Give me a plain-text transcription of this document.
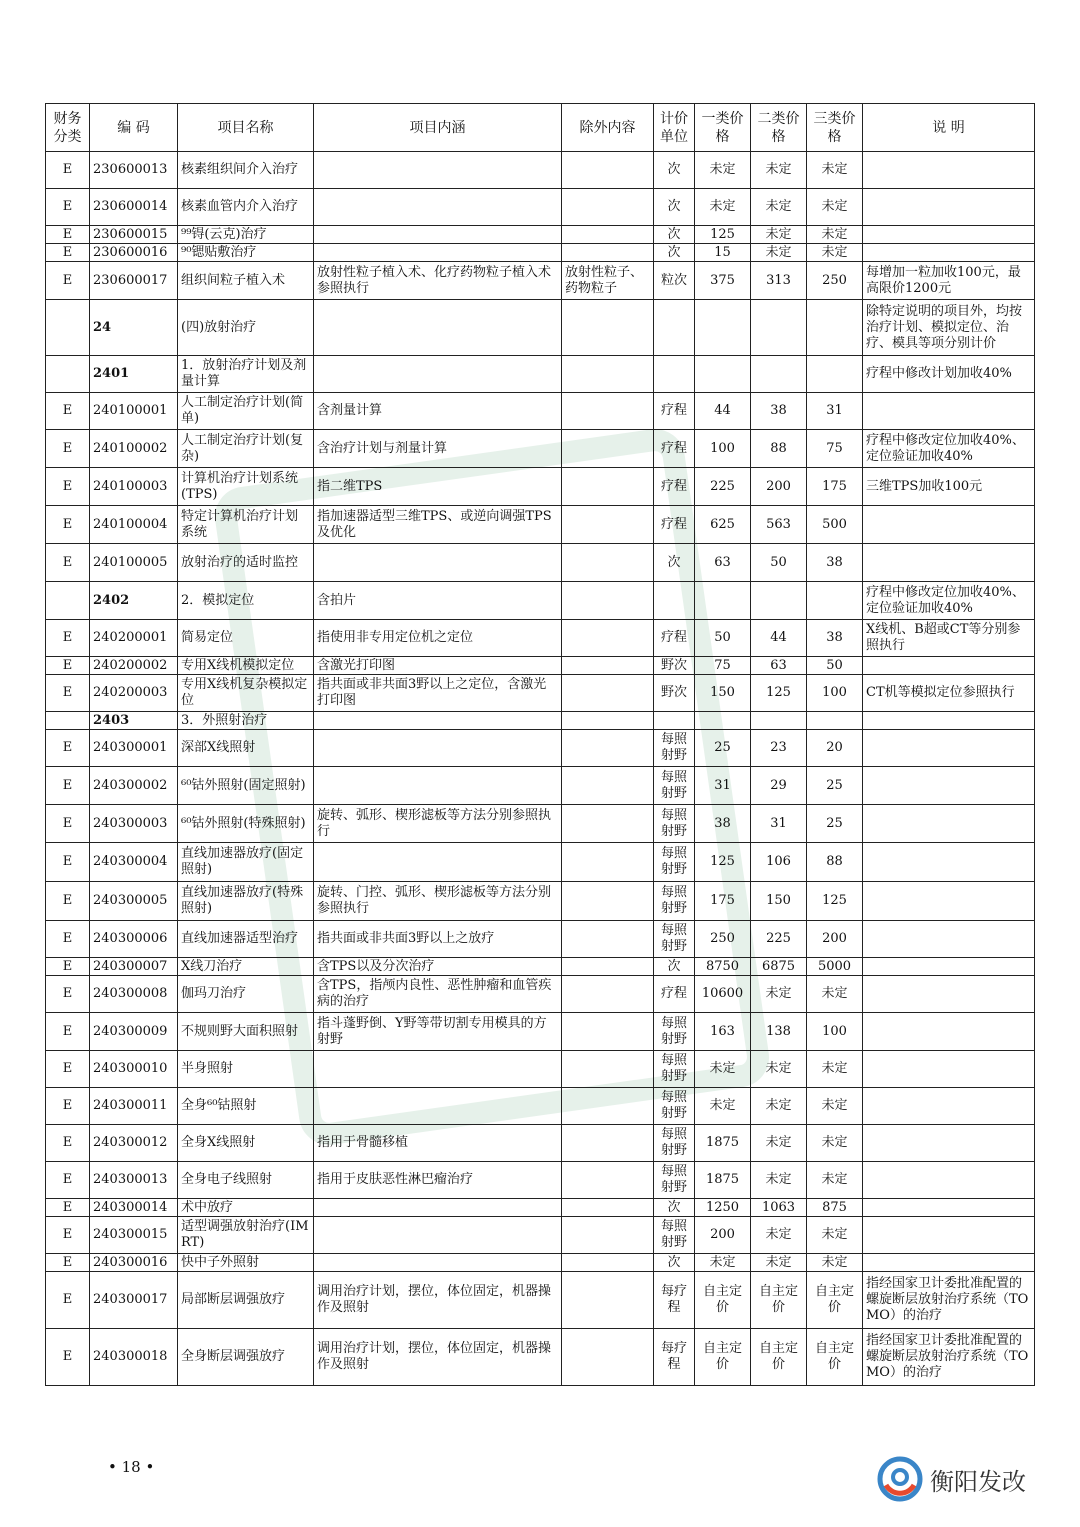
财务分类	编 码	项目名称	项目内涵	除外内容	计价单位	一类价格	二类价格	三类价格	说 明
E	230600013	核素组织间介入治疗			次	未定	未定	未定	
E	230600014	核素血管内介入治疗			次	未定	未定	未定	
E	230600015	⁹⁹锝(云克)治疗			次	125	未定	未定	
E	230600016	⁹⁰锶贴敷治疗			次	15	未定	未定	
E	230600017	组织间粒子植入术	放射性粒子植入术、化疗药物粒子植入术参照执行	放射性粒子、药物粒子	粒次	375	313	250	每增加一粒加收100元，最高限价1200元
	24	(四)放射治疗							除特定说明的项目外，均按治疗计划、模拟定位、治疗、模具等项分别计价
	2401	1．放射治疗计划及剂量计算							疗程中修改计划加收40%
E	240100001	人工制定治疗计划(简单)	含剂量计算		疗程	44	38	31	
E	240100002	人工制定治疗计划(复杂)	含治疗计划与剂量计算		疗程	100	88	75	疗程中修改定位加收40%、定位验证加收40%
E	240100003	计算机治疗计划系统(TPS)	指二维TPS		疗程	225	200	175	三维TPS加收100元
E	240100004	特定计算机治疗计划系统	指加速器适型三维TPS、或逆向调强TPS及优化		疗程	625	563	500	
E	240100005	放射治疗的适时监控			次	63	50	38	
	2402	2．模拟定位	含拍片						疗程中修改定位加收40%、定位验证加收40%
E	240200001	简易定位	指使用非专用定位机之定位		疗程	50	44	38	X线机、B超或CT等分别参照执行
E	240200002	专用X线机模拟定位	含激光打印图		野次	75	63	50	
E	240200003	专用X线机复杂模拟定位	指共面或非共面3野以上之定位，含激光打印图		野次	150	125	100	CT机等模拟定位参照执行
	2403	3．外照射治疗							
E	240300001	深部X线照射			每照射野	25	23	20	
E	240300002	⁶⁰钴外照射(固定照射)			每照射野	31	29	25	
E	240300003	⁶⁰钴外照射(特殊照射)	旋转、弧形、楔形滤板等方法分别参照执行		每照射野	38	31	25	
E	240300004	直线加速器放疗(固定照射)			每照射野	125	106	88	
E	240300005	直线加速器放疗(特殊照射)	旋转、门控、弧形、楔形滤板等方法分别参照执行		每照射野	175	150	125	
E	240300006	直线加速器适型治疗	指共面或非共面3野以上之放疗		每照射野	250	225	200	
E	240300007	X线刀治疗	含TPS以及分次治疗		次	8750	6875	5000	
E	240300008	伽玛刀治疗	含TPS，指颅内良性、恶性肿瘤和血管疾病的治疗		疗程	10600	未定	未定	
E	240300009	不规则野大面积照射	指斗蓬野倒、Y野等带切割专用模具的方射野		每照射野	163	138	100	
E	240300010	半身照射			每照射野	未定	未定	未定	
E	240300011	全身⁶⁰钴照射			每照射野	未定	未定	未定	
E	240300012	全身X线照射	指用于骨髓移植		每照射野	1875	未定	未定	
E	240300013	全身电子线照射	指用于皮肤恶性淋巴瘤治疗		每照射野	1875	未定	未定	
E	240300014	术中放疗			次	1250	1063	875	
E	240300015	适型调强放射治疗(IMRT)			每照射野	200	未定	未定	
E	240300016	快中子外照射			次	未定	未定	未定	
E	240300017	局部断层调强放疗	调用治疗计划，摆位，体位固定，机器操作及照射		每疗程	自主定价	自主定价	自主定价	指经国家卫计委批准配置的螺旋断层放射治疗系统（TOMO）的治疗
E	240300018	全身断层调强放疗	调用治疗计划，摆位，体位固定，机器操作及照射		每疗程	自主定价	自主定价	自主定价	指经国家卫计委批准配置的螺旋断层放射治疗系统（TOMO）的治疗
• 18 •
衡阳发改
